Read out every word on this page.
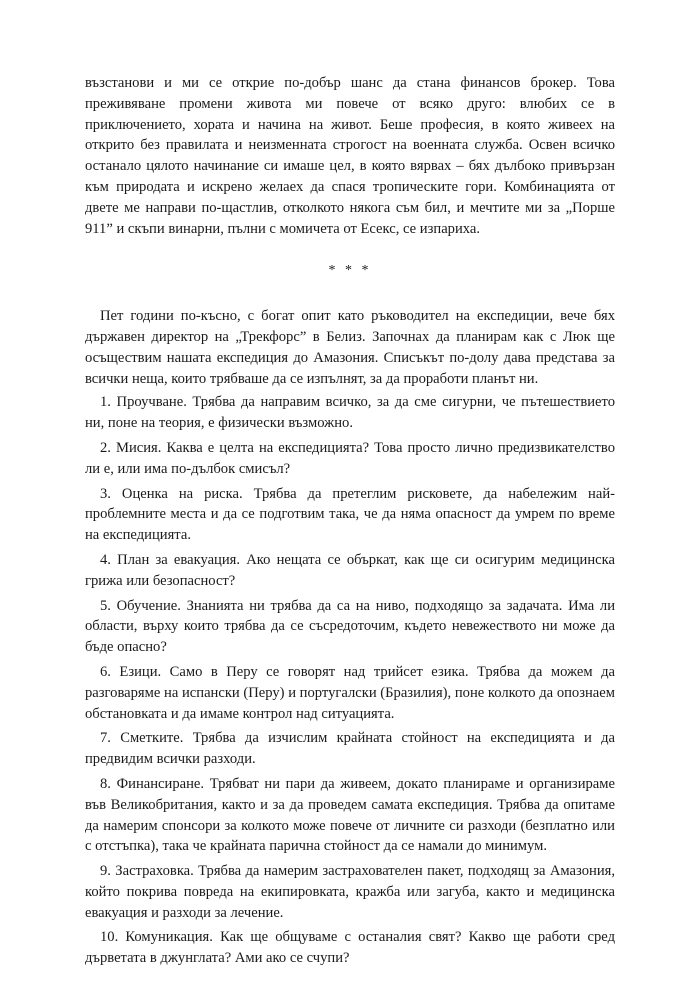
възстанови и ми се открие по-добър шанс да стана финансов брокер. Това преживяване промени живота ми повече от всяко друго: влюбих се в приключението, хората и начина на живот. Беше професия, в която живеех на открито без правилата и неизменната строгост на военната служба. Освен всичко останало цялото начинание си имаше цел, в която вярвах – бях дълбоко привързан към природата и искрено желаех да спася тропическите гори. Комбинацията от двете ме направи по-щастлив, отколкото някога съм бил, и мечтите ми за „Порше 911” и скъпи винарни, пълни с момичета от Есекс, се изпариха.

* * *

Пет години по-късно, с богат опит като ръководител на експедиции, вече бях държавен директор на „Трекфорс” в Белиз. Започнах да планирам как с Люк ще осъществим нашата експедиция до Амазония. Списъкът по-долу дава представа за всички неща, които трябваше да се изпълнят, за да проработи планът ни.

1. Проучване. Трябва да направим всичко, за да сме сигурни, че пътешествието ни, поне на теория, е физически възможно.

2. Мисия. Каква е целта на експедицията? Това просто лично предизвикателство ли е, или има по-дълбок смисъл?

3. Оценка на риска. Трябва да претеглим рисковете, да набележим най-проблемните места и да се подготвим така, че да няма опасност да умрем по време на експедицията.

4. План за евакуация. Ако нещата се объркат, как ще си осигурим медицинска грижа или безопасност?

5. Обучение. Знанията ни трябва да са на ниво, подходящо за задачата. Има ли области, върху които трябва да се съсредоточим, където невежеството ни може да бъде опасно?

6. Езици. Само в Перу се говорят над трийсет езика. Трябва да можем да разговаряме на испански (Перу) и португалски (Бразилия), поне колкото да опознаем обстановката и да имаме контрол над ситуацията.

7. Сметките. Трябва да изчислим крайната стойност на експедицията и да предвидим всички разходи.

8. Финансиране. Трябват ни пари да живеем, докато планираме и организираме във Великобритания, както и за да проведем самата експедиция. Трябва да опитаме да намерим спонсори за колкото може повече от личните си разходи (безплатно или с отстъпка), така че крайната парична стойност да се намали до минимум.

9. Застраховка. Трябва да намерим застрахователен пакет, подходящ за Амазония, който покрива повреда на екипировката, кражба или загуба, както и медицинска евакуация и разходи за лечение.

10. Комуникация. Как ще общуваме с останалия свят? Какво ще работи сред дърветата в джунглата? Ами ако се счупи?
